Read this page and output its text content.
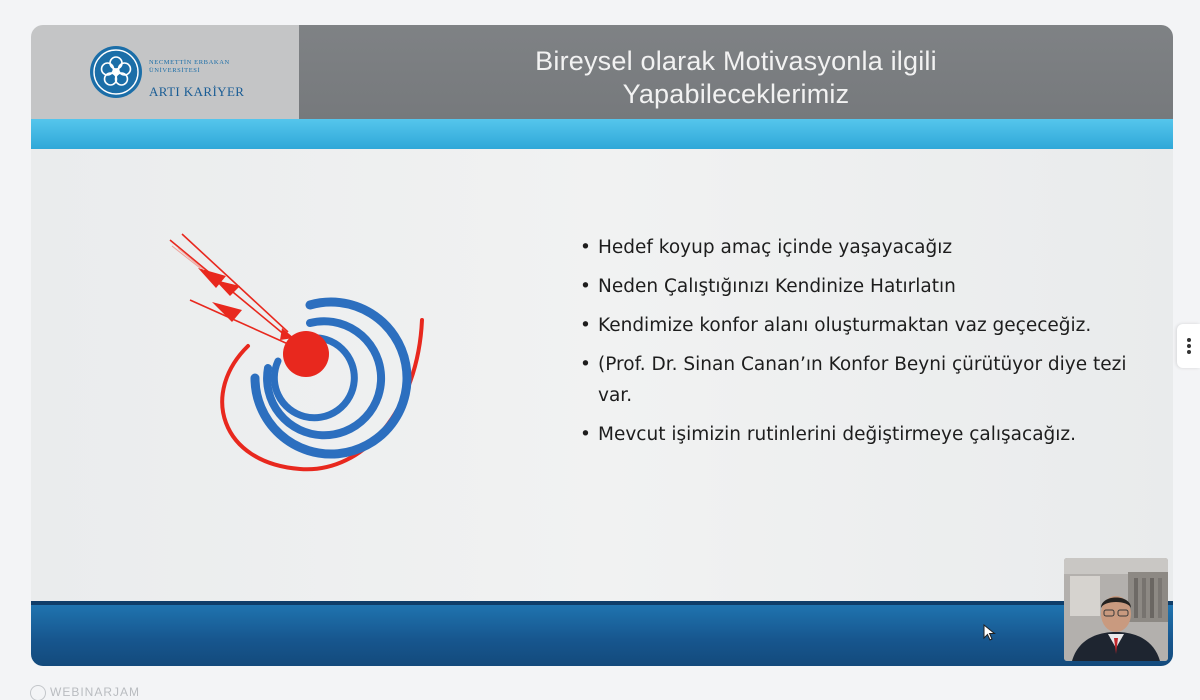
NECMETTİN ERBAKAN
ÜNİVERSİTESİ
ARTI KARİYER
Bireysel olarak Motivasyonla ilgili
Yapabileceklerimiz
• Hedef koyup amaç içinde yaşayacağız
• Neden Çalıştığınızı Kendinize Hatırlatın
• Kendimize konfor alanı oluşturmaktan vaz geçeceğiz.
• (Prof. Dr. Sinan Canan’ın Konfor Beyni çürütüyor diye tezi var.
• Mevcut işimizin rutinlerini değiştirmeye çalışacağız.
WEBINARJAM
